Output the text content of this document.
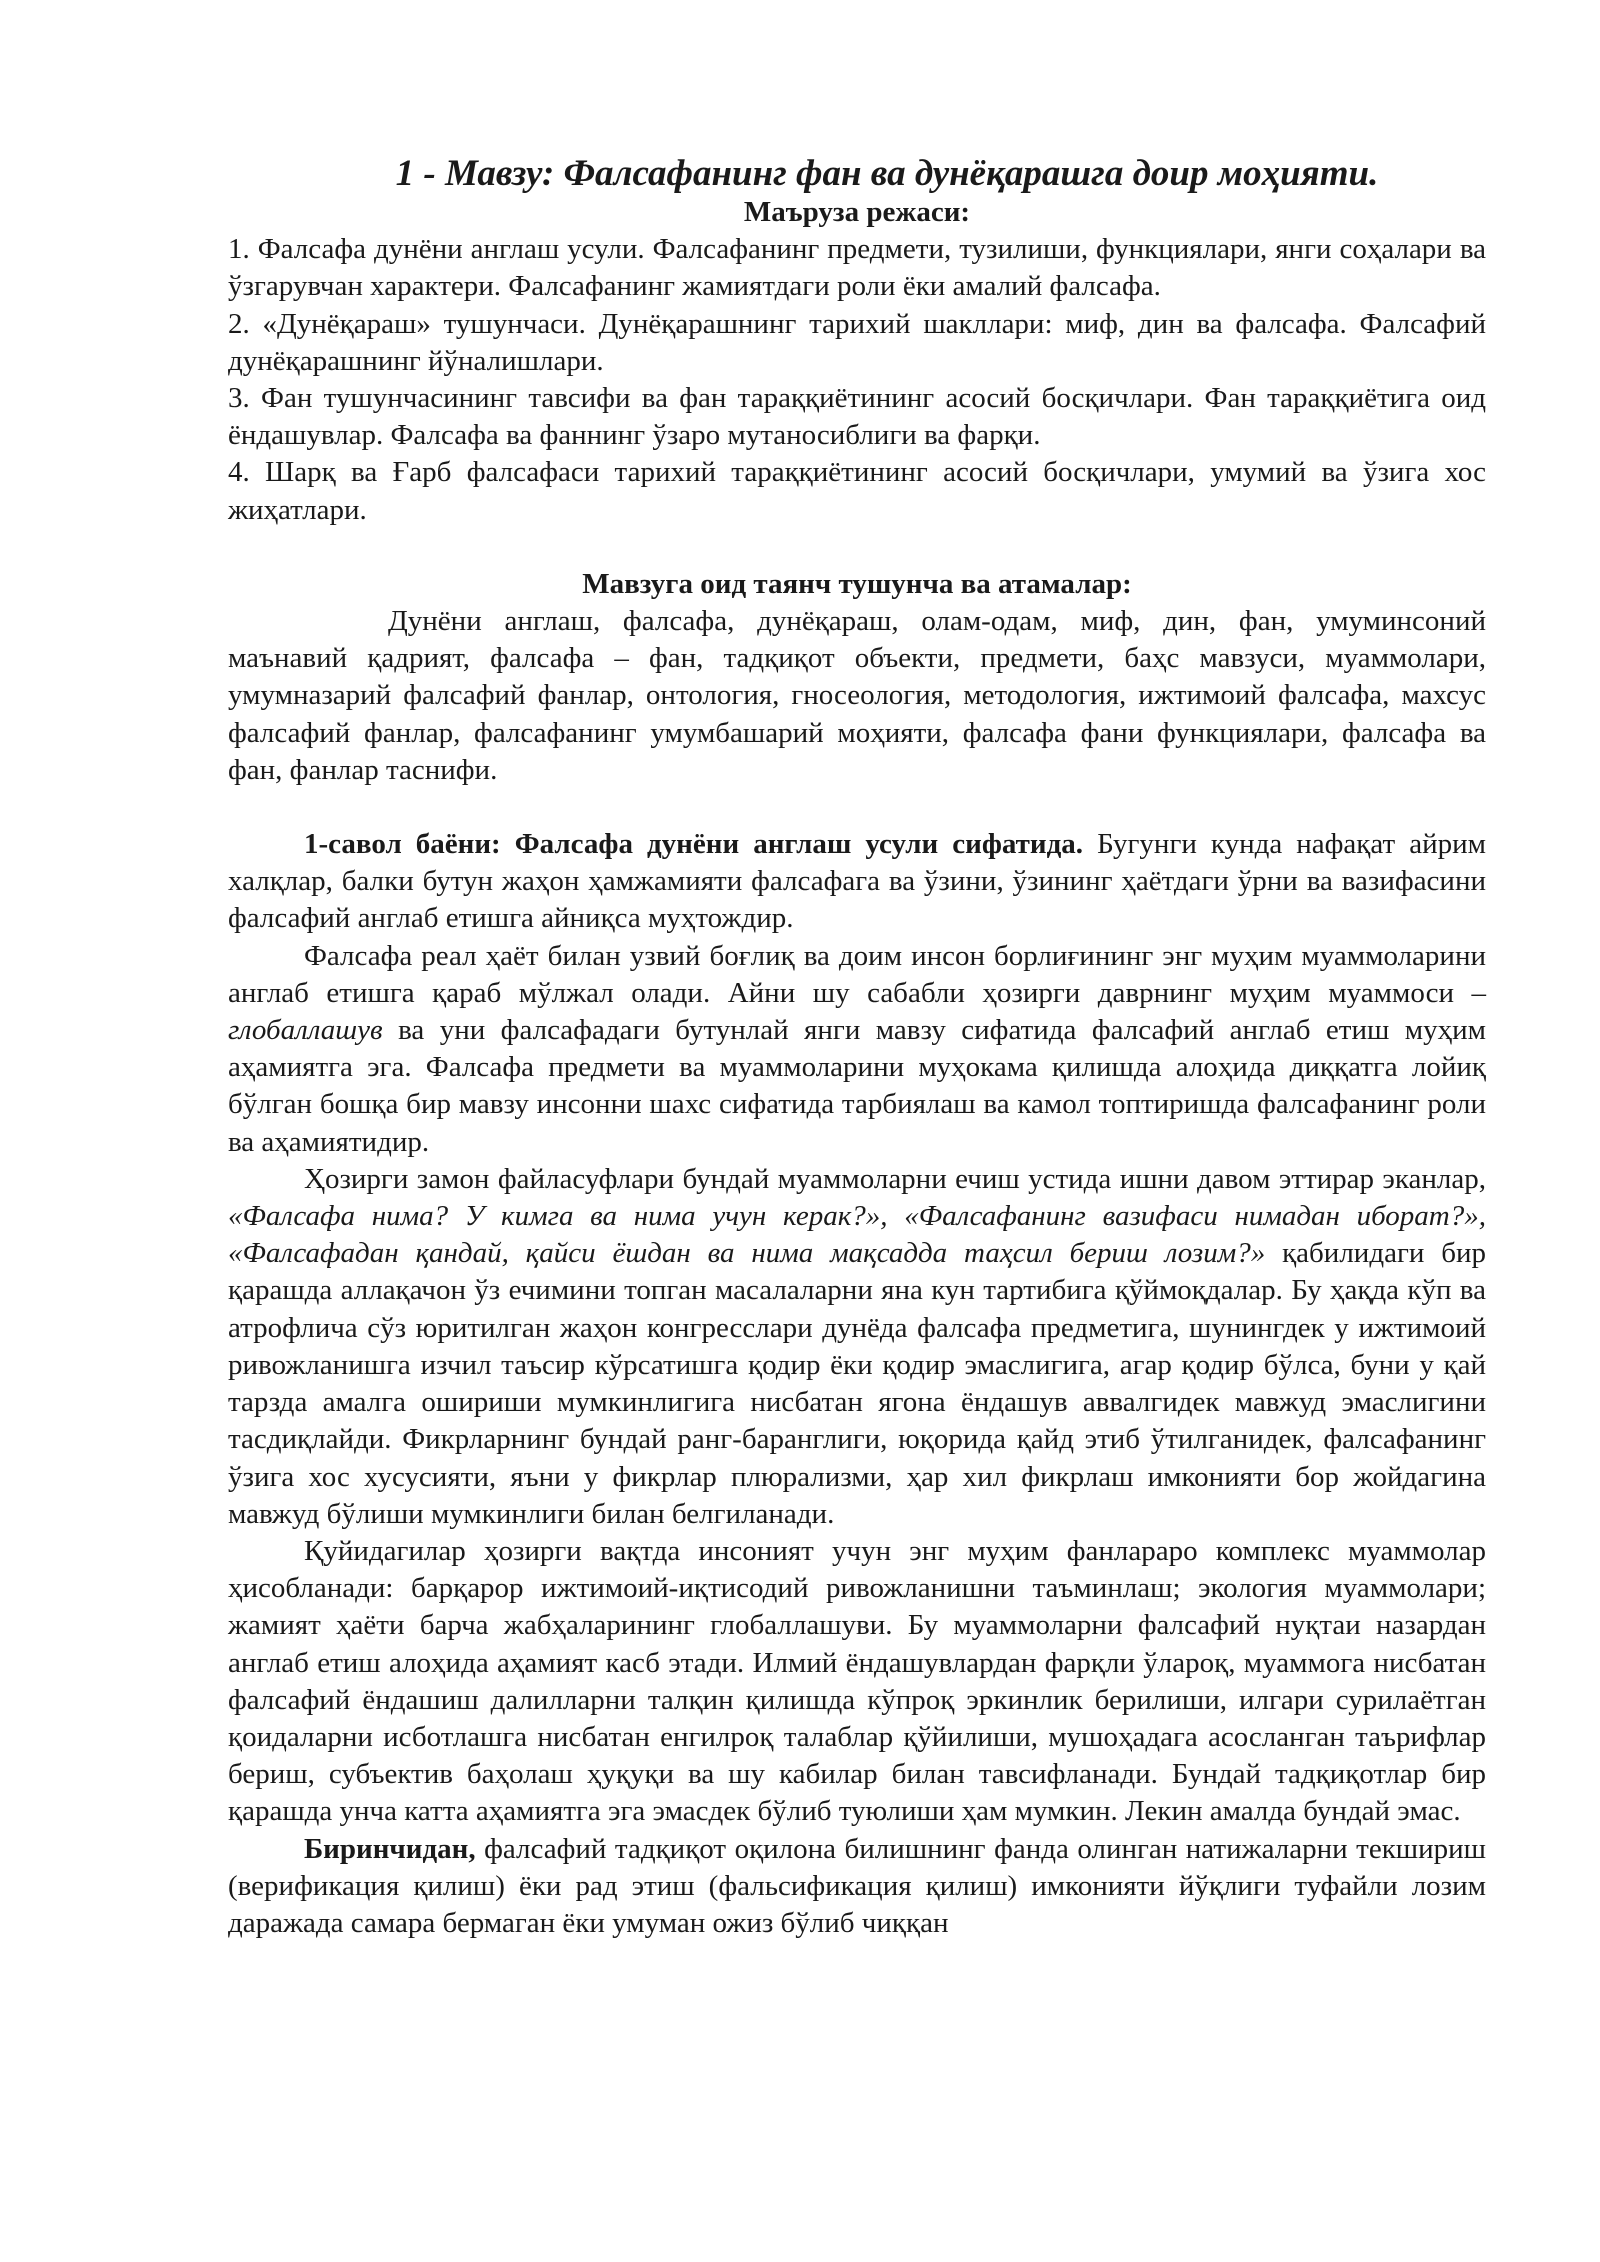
1 - Мавзу: Фалсафанинг фан ва дунёқарашга доир моҳияти.

Маъруза режаси:

1. Фалсафа дунёни англаш усули. Фалсафанинг предмети, тузилиши, функциялари, янги соҳалари ва ўзгарувчан характери. Фалсафанинг жамиятдаги роли ёки амалий фалсафа.

2. «Дунёқараш» тушунчаси. Дунёқарашнинг тарихий шакллари: миф, дин ва фалсафа. Фалсафий дунёқарашнинг йўналишлари.

3. Фан тушунчасининг тавсифи ва фан тараққиётининг асосий босқичлари. Фан тараққиётига оид ёндашувлар. Фалсафа ва фаннинг ўзаро мутаносиблиги ва фарқи.

4. Шарқ ва Ғарб фалсафаси тарихий тараққиётининг асосий босқичлари, умумий ва ўзига хос жиҳатлари.

Мавзуга оид таянч тушунча ва атамалар:

Дунёни англаш, фалсафа, дунёқараш, олам-одам, миф, дин, фан, умуминсоний маънавий қадрият, фалсафа – фан, тадқиқот объекти, предмети, баҳс мавзуси, муаммолари, умумназарий фалсафий фанлар, онтология, гносеология, методология, ижтимоий фалсафа, махсус фалсафий фанлар, фалсафанинг умумбашарий моҳияти, фалсафа фани функциялари, фалсафа ва фан, фанлар таснифи.

1-савол баёни: Фалсафа дунёни англаш усули сифатида. Бугунги кунда нафақат айрим халқлар, балки бутун жаҳон ҳамжамияти фалсафага ва ўзини, ўзининг ҳаётдаги ўрни ва вазифасини фалсафий англаб етишга айниқса муҳтождир.

Фалсафа реал ҳаёт билан узвий боғлиқ ва доим инсон борлиғининг энг муҳим муаммоларини англаб етишга қараб мўлжал олади. Айни шу сабабли ҳозирги даврнинг муҳим муаммоси – глобаллашув ва уни фалсафадаги бутунлай янги мавзу сифатида фалсафий англаб етиш муҳим аҳамиятга эга. Фалсафа предмети ва муаммоларини муҳокама қилишда алоҳида диққатга лойиқ бўлган бошқа бир мавзу инсонни шахс сифатида тарбиялаш ва камол топтиришда фалсафанинг роли ва аҳамиятидир.

Ҳозирги замон файласуфлари бундай муаммоларни ечиш устида ишни давом эттирар эканлар, «Фалсафа нима? У кимга ва нима учун керак?», «Фалсафанинг вазифаси нимадан иборат?», «Фалсафадан қандай, қайси ёшдан ва нима мақсадда таҳсил бериш лозим?» қабилидаги бир қарашда аллақачон ўз ечимини топган масалаларни яна кун тартибига қўймоқдалар. Бу ҳақда кўп ва атрофлича сўз юритилган жаҳон конгресслари дунёда фалсафа предметига, шунингдек у ижтимоий ривожланишга изчил таъсир кўрсатишга қодир ёки қодир эмаслигига, агар қодир бўлса, буни у қай тарзда амалга ошириши мумкинлигига нисбатан ягона ёндашув аввалгидек мавжуд эмаслигини тасдиқлайди. Фикрларнинг бундай ранг-баранглиги, юқорида қайд этиб ўтилганидек, фалсафанинг ўзига хос хусусияти, яъни у фикрлар плюрализми, ҳар хил фикрлаш имконияти бор жойдагина мавжуд бўлиши мумкинлиги билан белгиланади.

Қуйидагилар ҳозирги вақтда инсоният учун энг муҳим фанлараро комплекс муаммолар ҳисобланади: барқарор ижтимоий-иқтисодий ривожланишни таъминлаш; экология муаммолари; жамият ҳаёти барча жабҳаларининг глобаллашуви. Бу муаммоларни фалсафий нуқтаи назардан англаб етиш алоҳида аҳамият касб этади. Илмий ёндашувлардан фарқли ўлароқ, муаммога нисбатан фалсафий ёндашиш далилларни талқин қилишда кўпроқ эркинлик берилиши, илгари сурилаётган қоидаларни исботлашга нисбатан енгилроқ талаблар қўйилиши, мушоҳадага асосланган таърифлар бериш, субъектив баҳолаш ҳуқуқи ва шу кабилар билан тавсифланади. Бундай тадқиқотлар бир қарашда унча катта аҳамиятга эга эмасдек бўлиб туюлиши ҳам мумкин. Лекин амалда бундай эмас.

Биринчидан, фалсафий тадқиқот оқилона билишнинг фанда олинган натижаларни текшириш (верификация қилиш) ёки рад этиш (фальсификация қилиш) имконияти йўқлиги туфайли лозим даражада самара бермаган ёки умуман ожиз бўлиб чиққан
